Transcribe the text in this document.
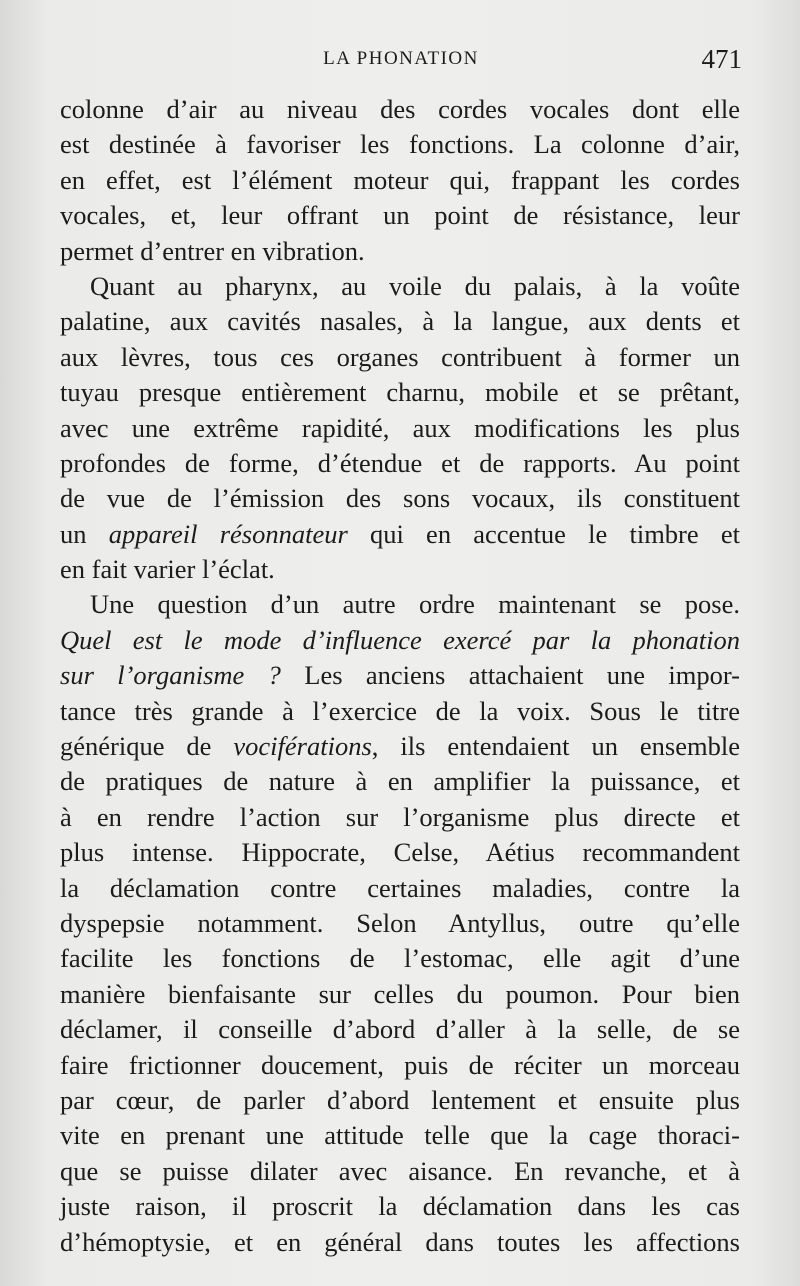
LA PHONATION	471
colonne d’air au niveau des cordes vocales dont elle
est destinée à favoriser les fonctions. La colonne d’air,
en effet, est l’élément moteur qui, frappant les cordes
vocales, et, leur offrant un point de résistance, leur
permet d’entrer en vibration.
Quant au pharynx, au voile du palais, à la voûte
palatine, aux cavités nasales, à la langue, aux dents et
aux lèvres, tous ces organes contribuent à former un
tuyau presque entièrement charnu, mobile et se prêtant,
avec une extrême rapidité, aux modifications les plus
profondes de forme, d’étendue et de rapports. Au point
de vue de l’émission des sons vocaux, ils constituent
un appareil résonnateur qui en accentue le timbre et
en fait varier l’éclat.
Une question d’un autre ordre maintenant se pose.
Quel est le mode d’influence exercé par la phonation
sur l’organisme ? Les anciens attachaient une impor-
tance très grande à l’exercice de la voix. Sous le titre
générique de vociférations, ils entendaient un ensemble
de pratiques de nature à en amplifier la puissance, et
à en rendre l’action sur l’organisme plus directe et
plus intense. Hippocrate, Celse, Aétius recommandent
la déclamation contre certaines maladies, contre la
dyspepsie notamment. Selon Antyllus, outre qu’elle
facilite les fonctions de l’estomac, elle agit d’une
manière bienfaisante sur celles du poumon. Pour bien
déclamer, il conseille d’abord d’aller à la selle, de se
faire frictionner doucement, puis de réciter un morceau
par cœur, de parler d’abord lentement et ensuite plus
vite en prenant une attitude telle que la cage thoraci-
que se puisse dilater avec aisance. En revanche, et à
juste raison, il proscrit la déclamation dans les cas
d’hémoptysie, et en général dans toutes les affections
